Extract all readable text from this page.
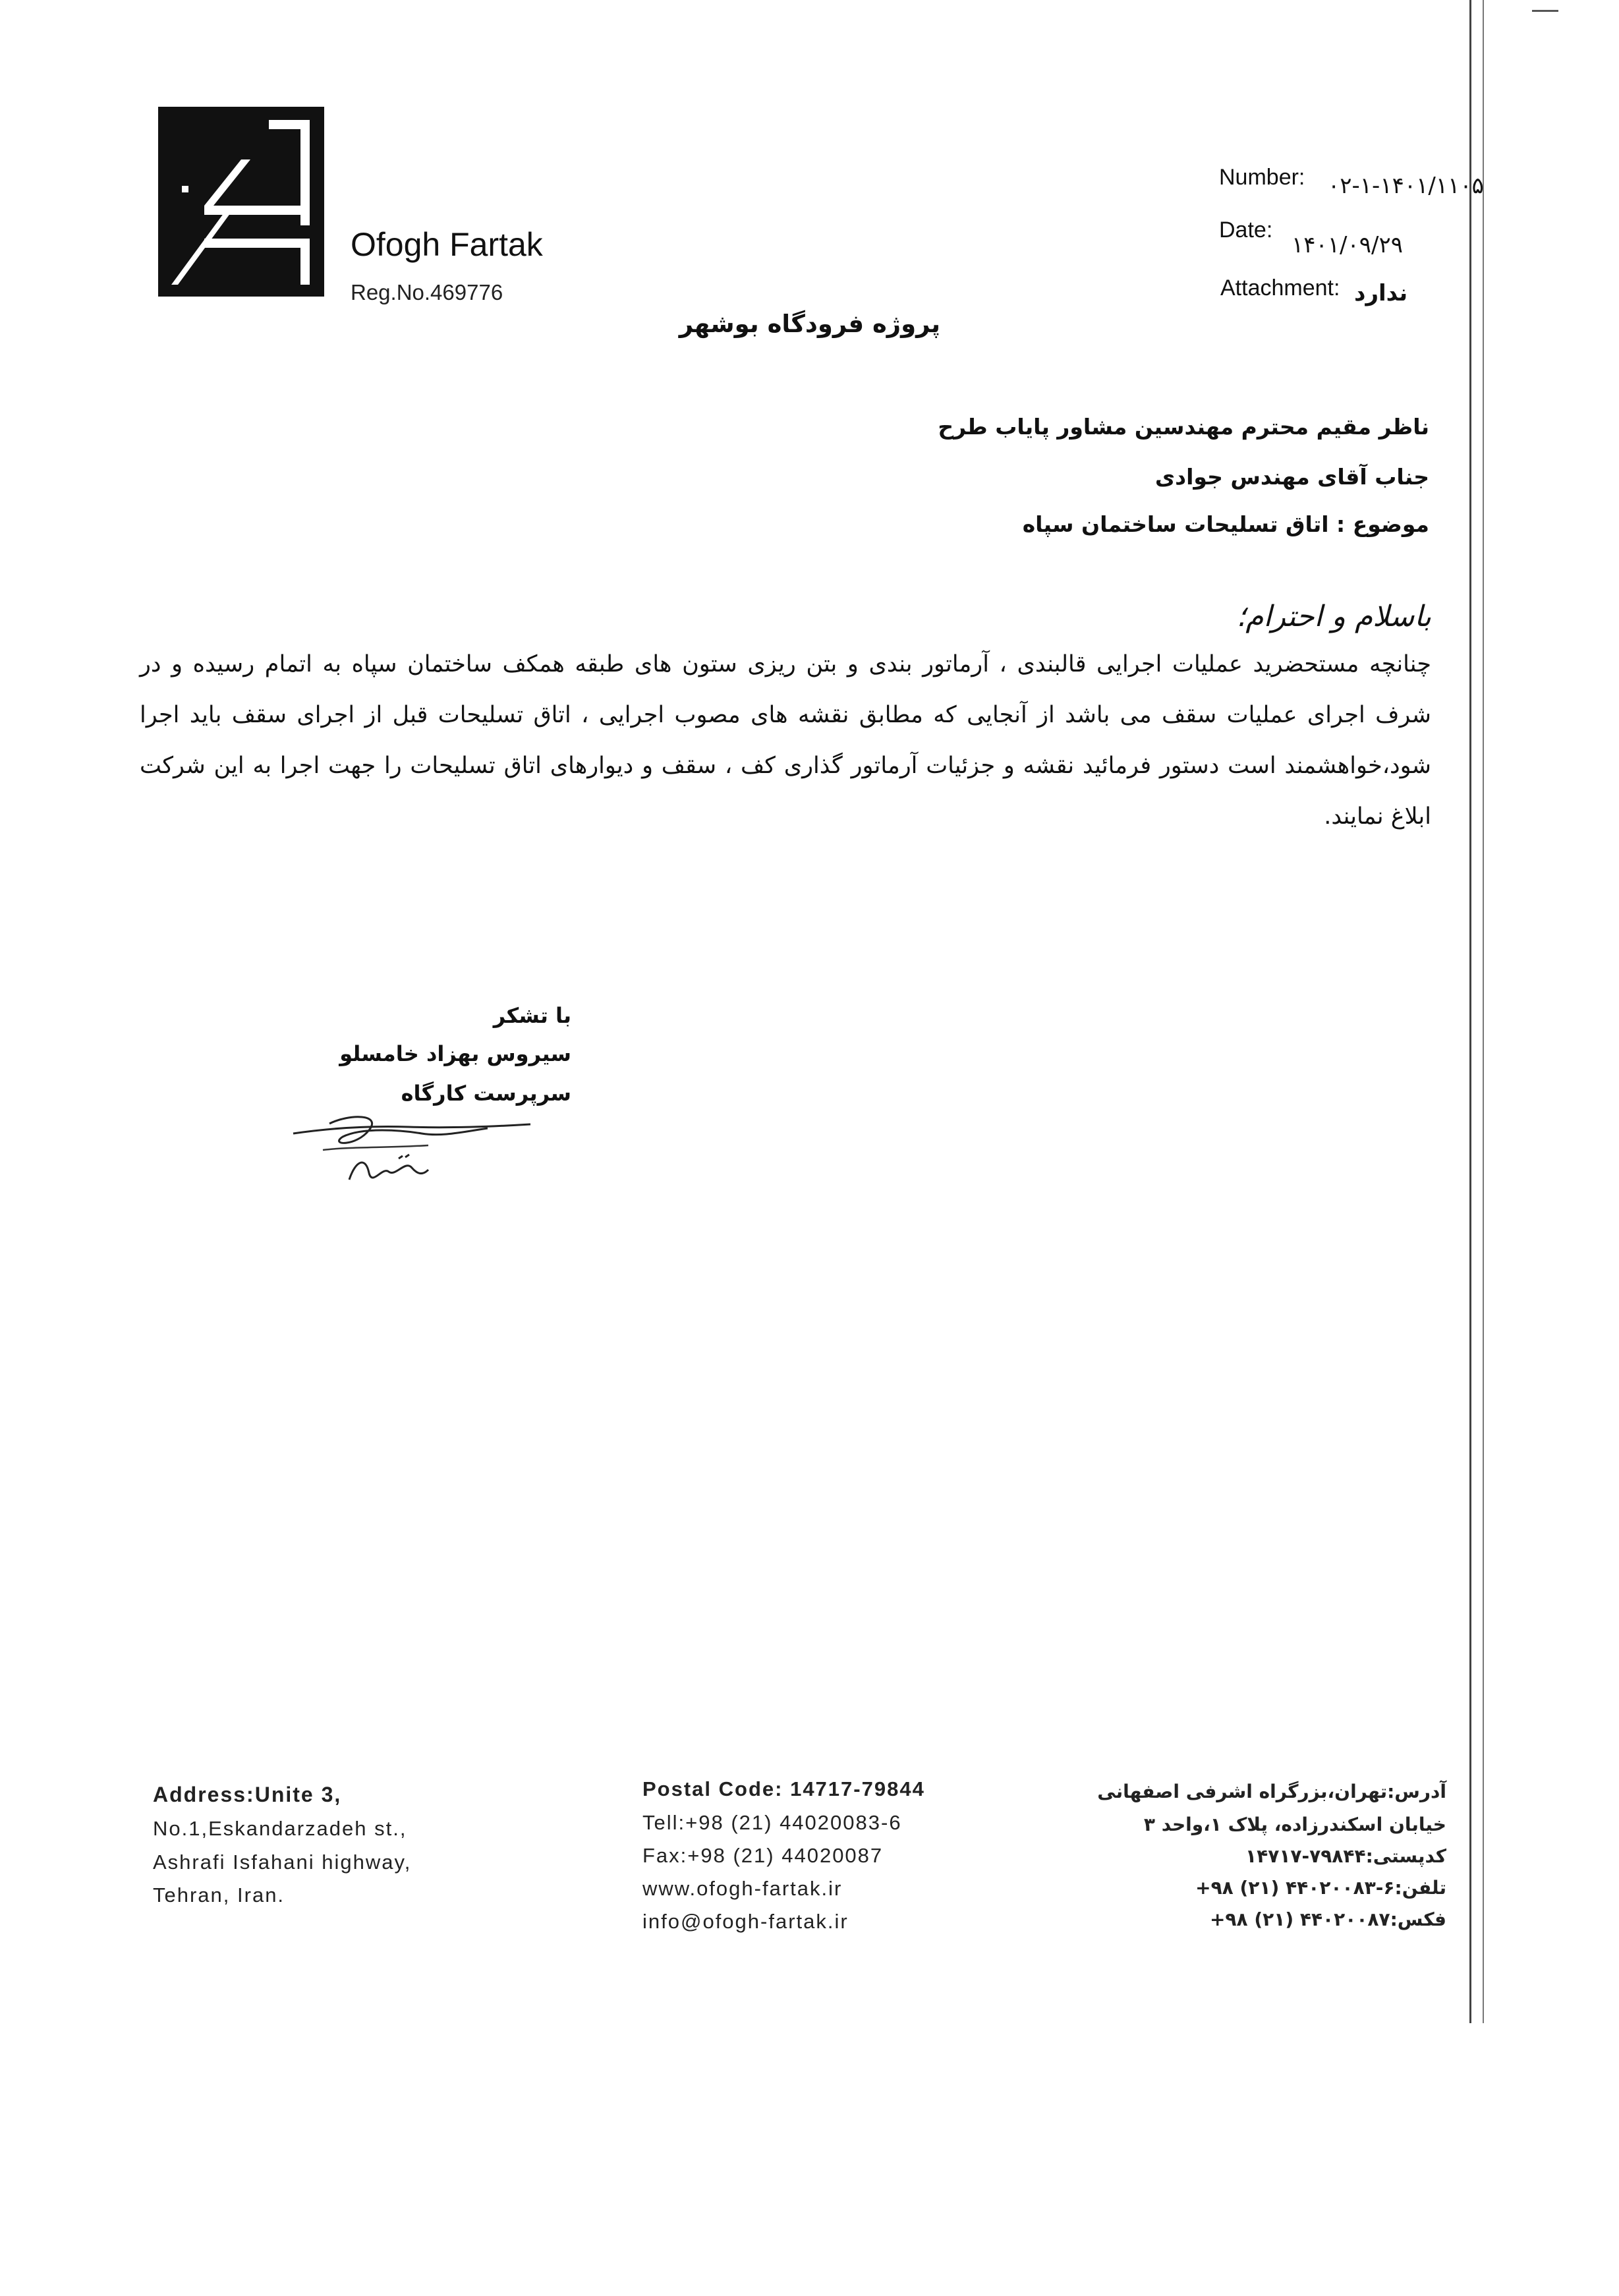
Ofogh Fartak
Reg.No.469776
Number: ۰۲-۱-۱۴۰۱/۱۱۰۵
Date:
۱۴۰۱/۰۹/۲۹
Attachment: ندارد
پروژه فرودگاه بوشهر
ناظر مقیم محترم مهندسین مشاور پایاب طرح
جناب آقای مهندس جوادی
موضوع : اتاق تسلیحات ساختمان سپاه
باسلام و احترام؛
چنانچه مستحضرید عملیات اجرایی قالبندی ، آرماتور بندی و بتن ریزی ستون های طبقه همکف ساختمان سپاه به اتمام رسیده و در شرف اجرای عملیات سقف می باشد از آنجایی که مطابق نقشه های مصوب اجرایی ، اتاق تسلیحات قبل از اجرای سقف باید اجرا شود،خواهشمند است دستور فرمائید نقشه و جزئیات آرماتور گذاری کف ، سقف و دیوارهای اتاق تسلیحات را جهت اجرا به این شرکت ابلاغ نمایند.
با تشکر
سیروس بهزاد خامسلو
سرپرست کارگاه
Address:Unite 3,
No.1,Eskandarzadeh st.,
Ashrafi Isfahani highway,
Tehran, Iran.
Postal Code: 14717-79844
Tell:+98 (21) 44020083-6
Fax:+98 (21) 44020087
www.ofogh-fartak.ir
info@ofogh-fartak.ir
آدرس:تهران،بزرگراه اشرفی اصفهانی
خیابان اسکندرزاده، پلاک ۱،واحد ۳
کدپستی:۷۹۸۴۴-۱۴۷۱۷
تلفن:۶-۴۴۰۲۰۰۸۳ (۲۱) ۹۸+
فکس:۴۴۰۲۰۰۸۷ (۲۱) ۹۸+
